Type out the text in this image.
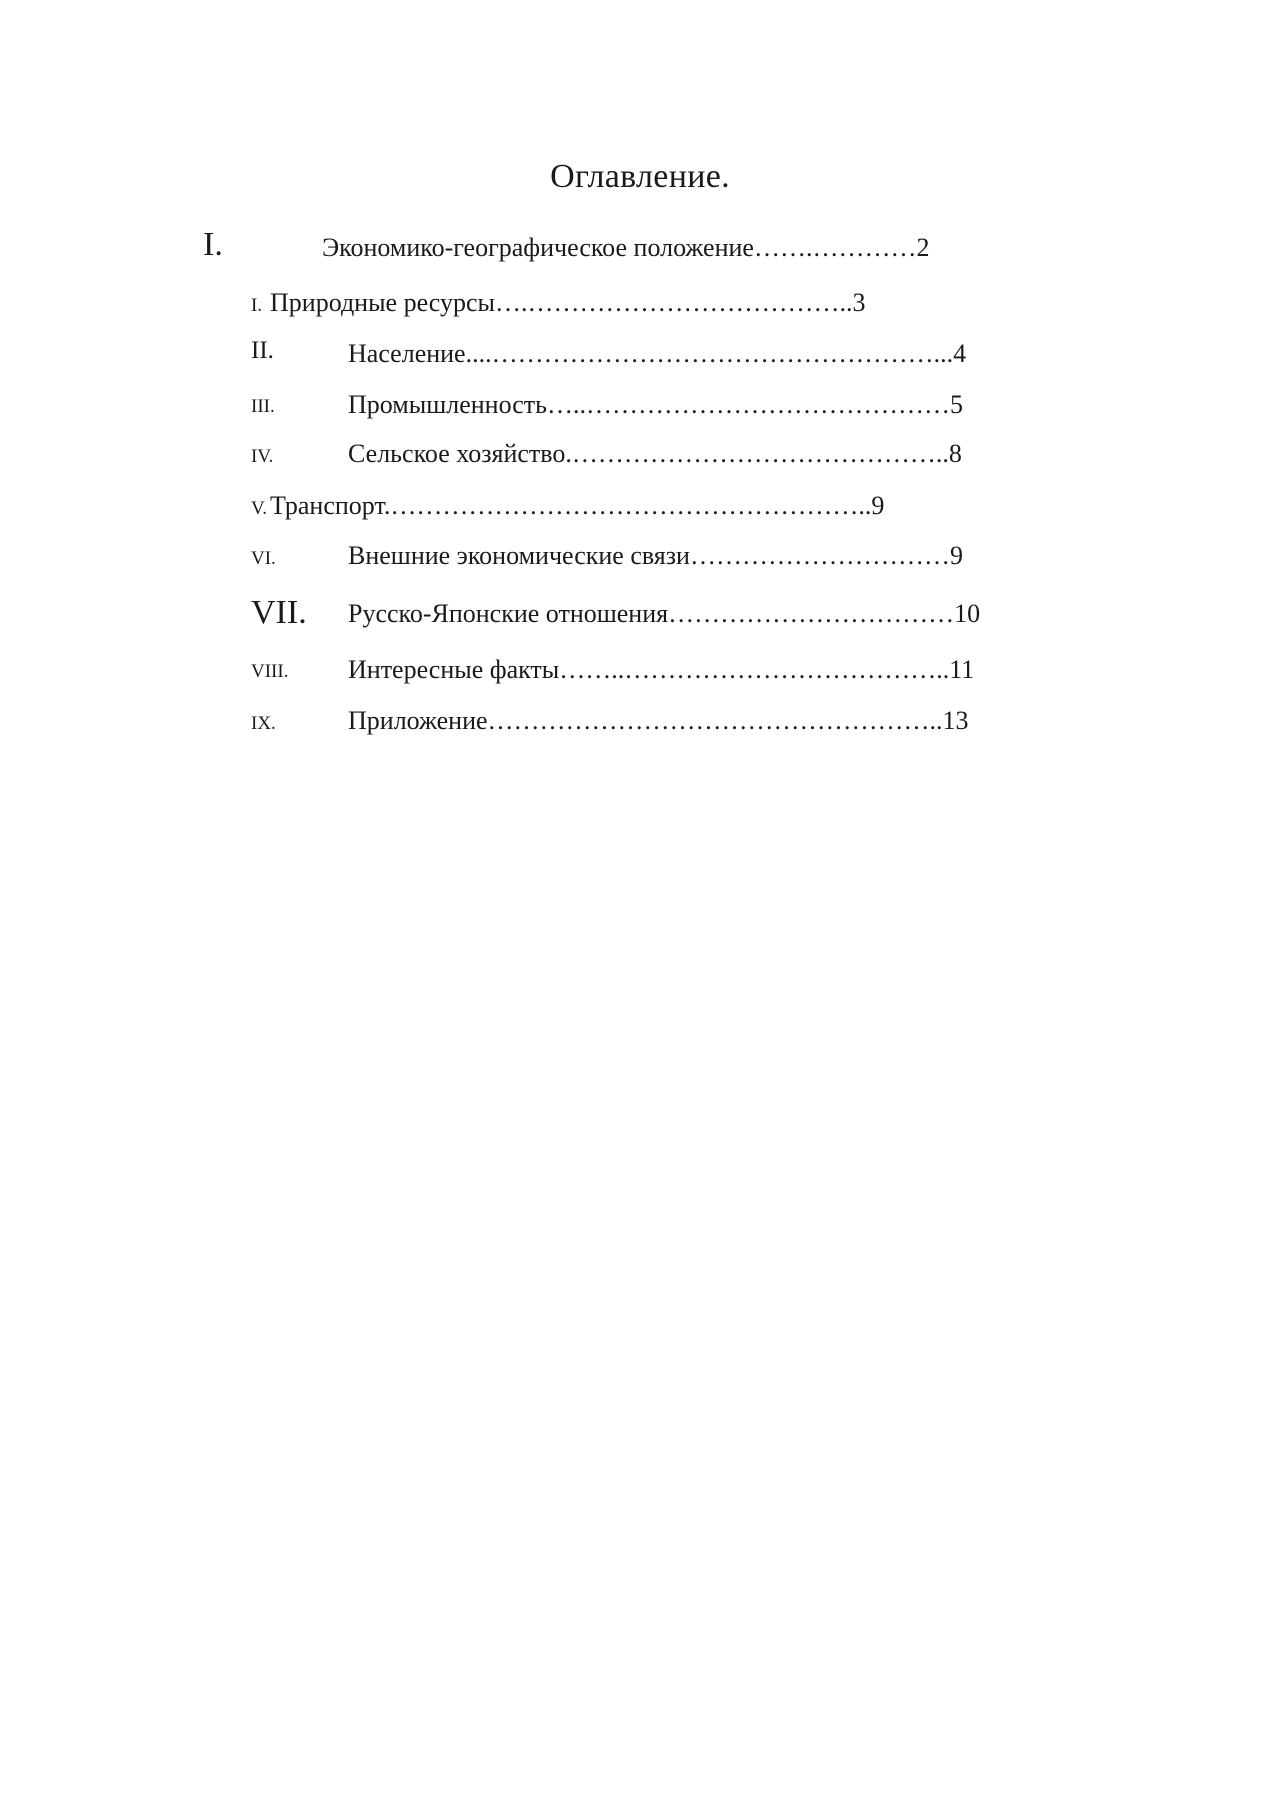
Оглавление.
I.	Экономико-географическое положение…….…………2
I. Природные ресурсы….………………………………..3
II.	Население....……………………………………………...4
III.	Промышленность…..……………………………………5
IV.	Сельское хозяйство.……………………………………..8
V. Транспорт.………………………………………………..9
VI.	Внешние экономические связи…………………………9
VII. Русско-Японские отношения……………………………10
VIII. Интересные факты……..………………………………..11
IX.	Приложение……………………………………………..13
